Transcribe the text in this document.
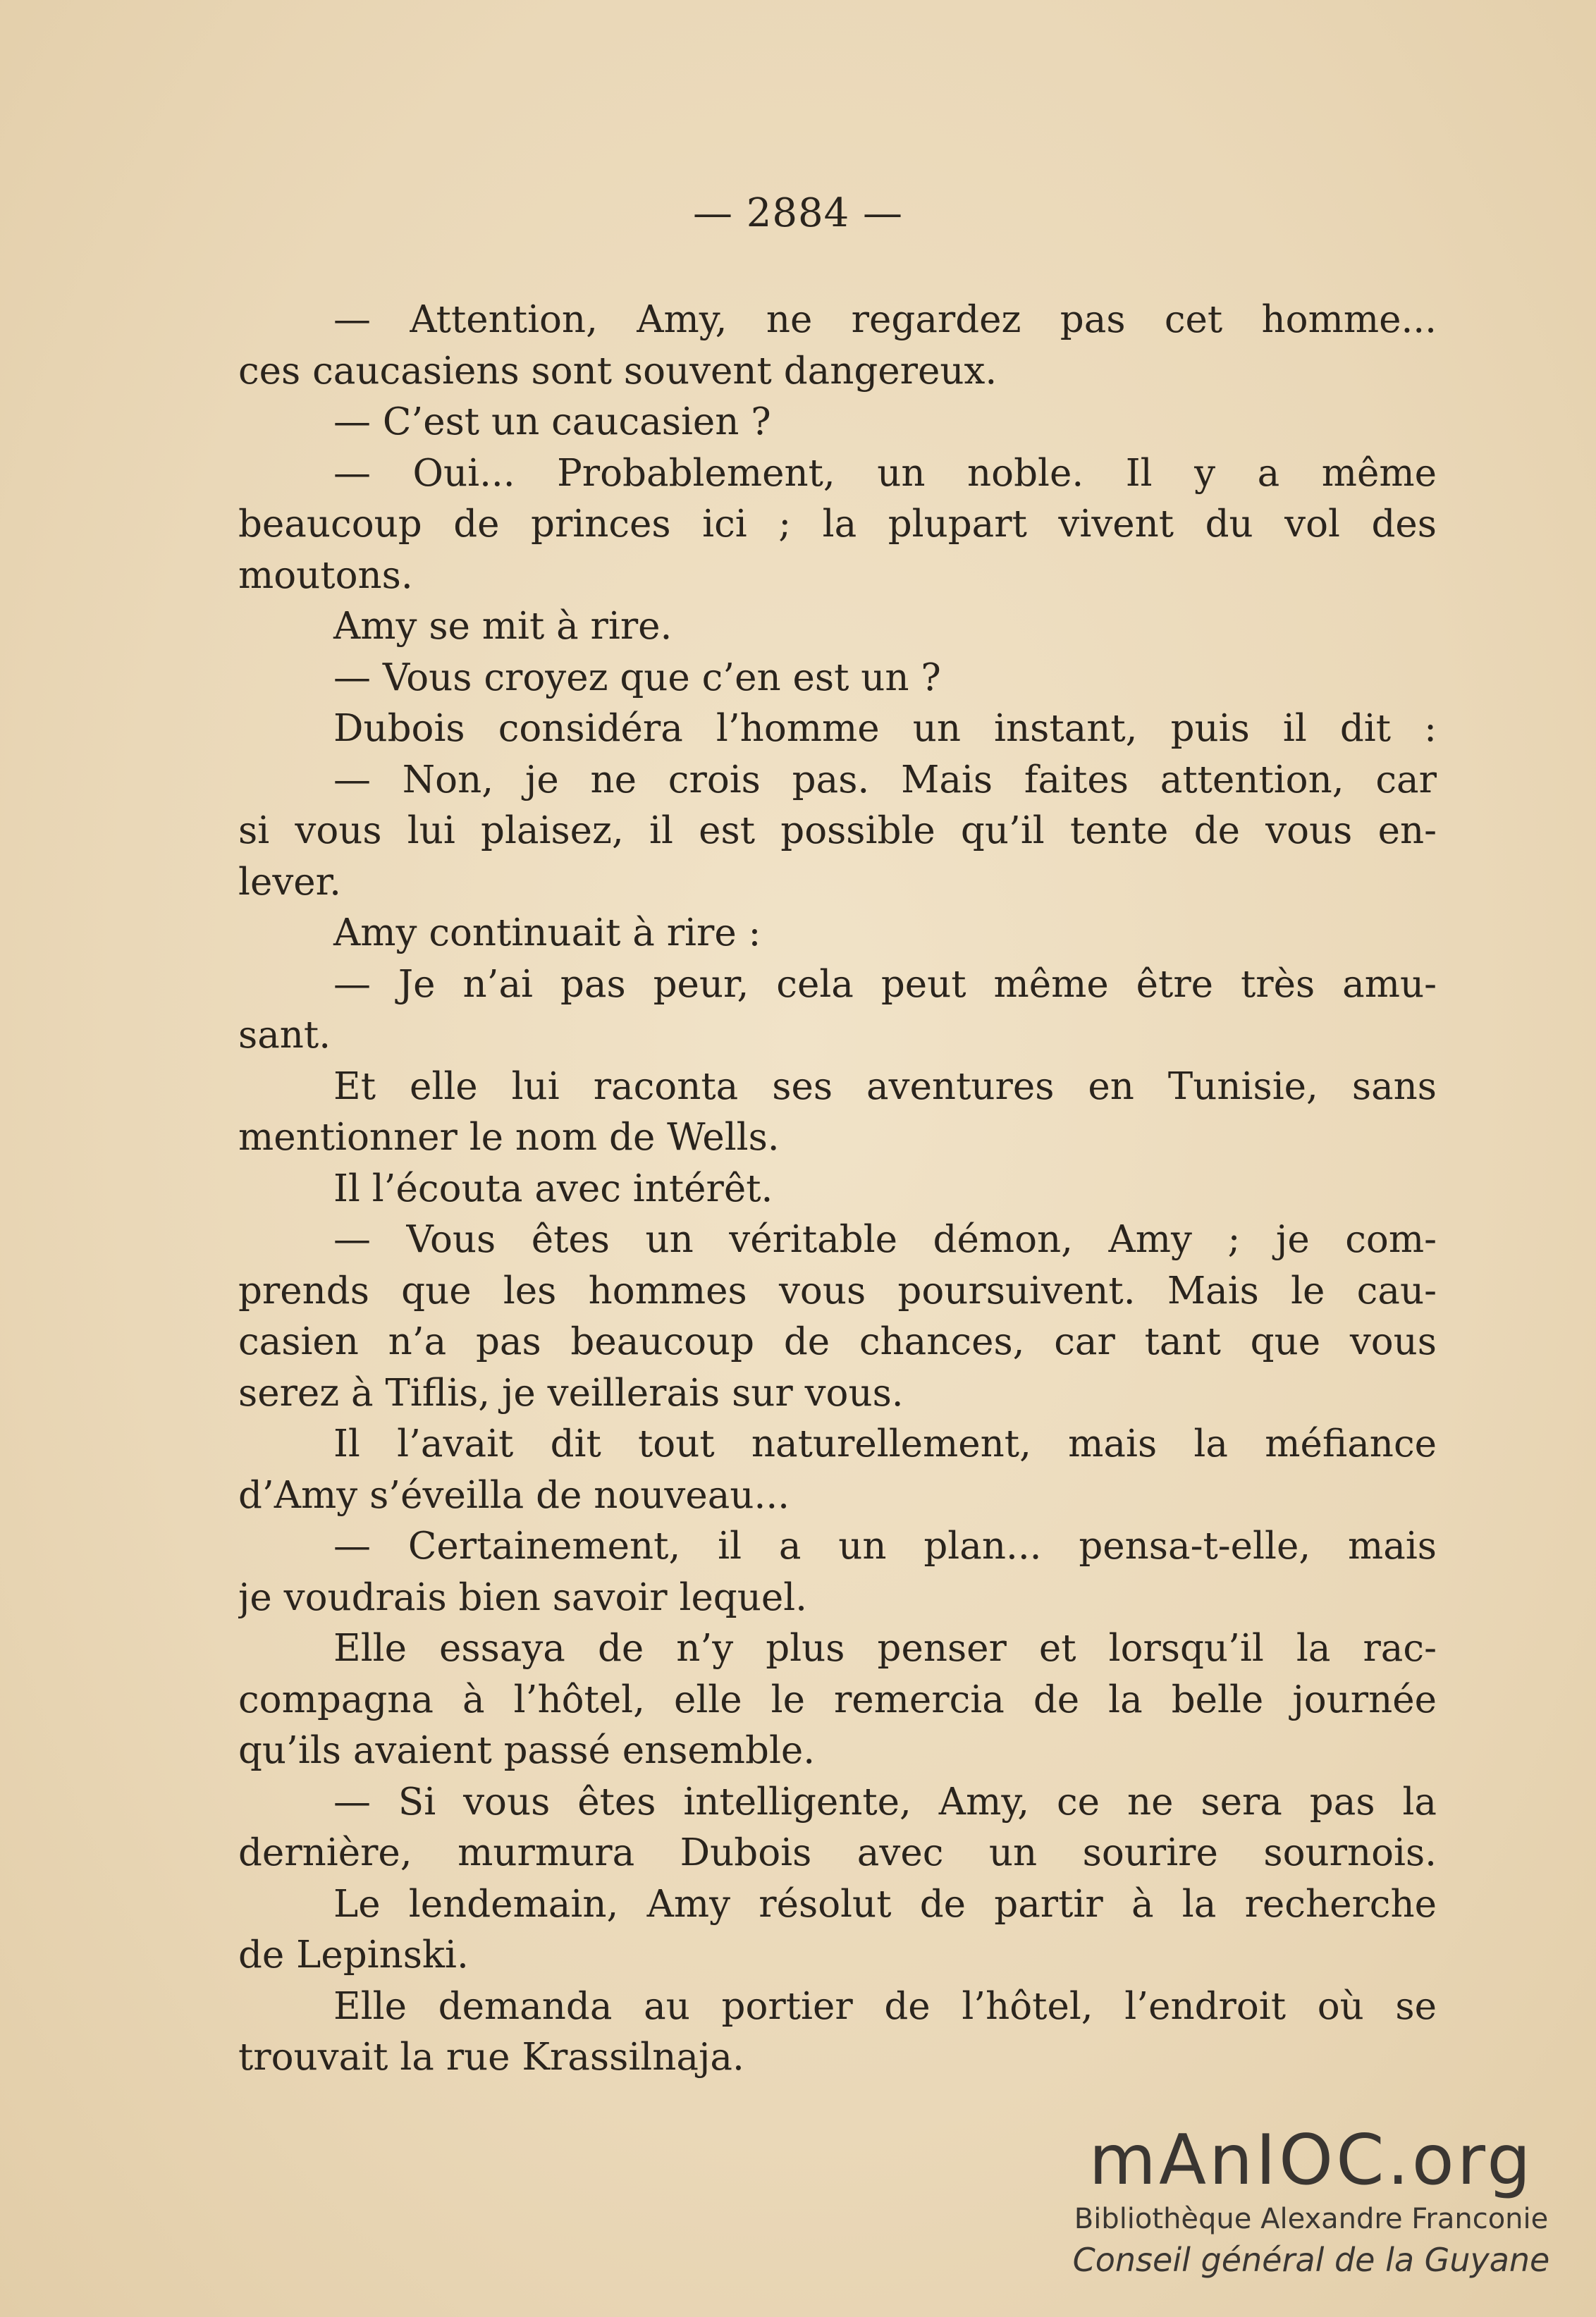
— 2884 —
— Attention, Amy, ne regardez pas cet homme...
ces caucasiens sont souvent dangereux.
— C’est un caucasien ?
— Oui... Probablement, un noble. Il y a même
beaucoup de princes ici ; la plupart vivent du vol des
moutons.
Amy se mit à rire.
— Vous croyez que c’en est un ?
Dubois considéra l’homme un instant, puis il dit :
— Non, je ne crois pas. Mais faites attention, car
si vous lui plaisez, il est possible qu’il tente de vous en-
lever.
Amy continuait à rire :
— Je n’ai pas peur, cela peut même être très amu-
sant.
Et elle lui raconta ses aventures en Tunisie, sans
mentionner le nom de Wells.
Il l’écouta avec intérêt.
— Vous êtes un véritable démon, Amy ; je com-
prends que les hommes vous poursuivent. Mais le cau-
casien n’a pas beaucoup de chances, car tant que vous
serez à Tiflis, je veillerais sur vous.
Il l’avait dit tout naturellement, mais la méfiance
d’Amy s’éveilla de nouveau...
— Certainement, il a un plan... pensa-t-elle, mais
je voudrais bien savoir lequel.
Elle essaya de n’y plus penser et lorsqu’il la rac-
compagna à l’hôtel, elle le remercia de la belle journée
qu’ils avaient passé ensemble.
— Si vous êtes intelligente, Amy, ce ne sera pas la
dernière, murmura Dubois avec un sourire sournois.
Le lendemain, Amy résolut de partir à la recherche
de Lepinski.
Elle demanda au portier de l’hôtel, l’endroit où se
trouvait la rue Krassilnaja.
mAnIOC.org
Bibliothèque Alexandre Franconie
Conseil général de la Guyane
